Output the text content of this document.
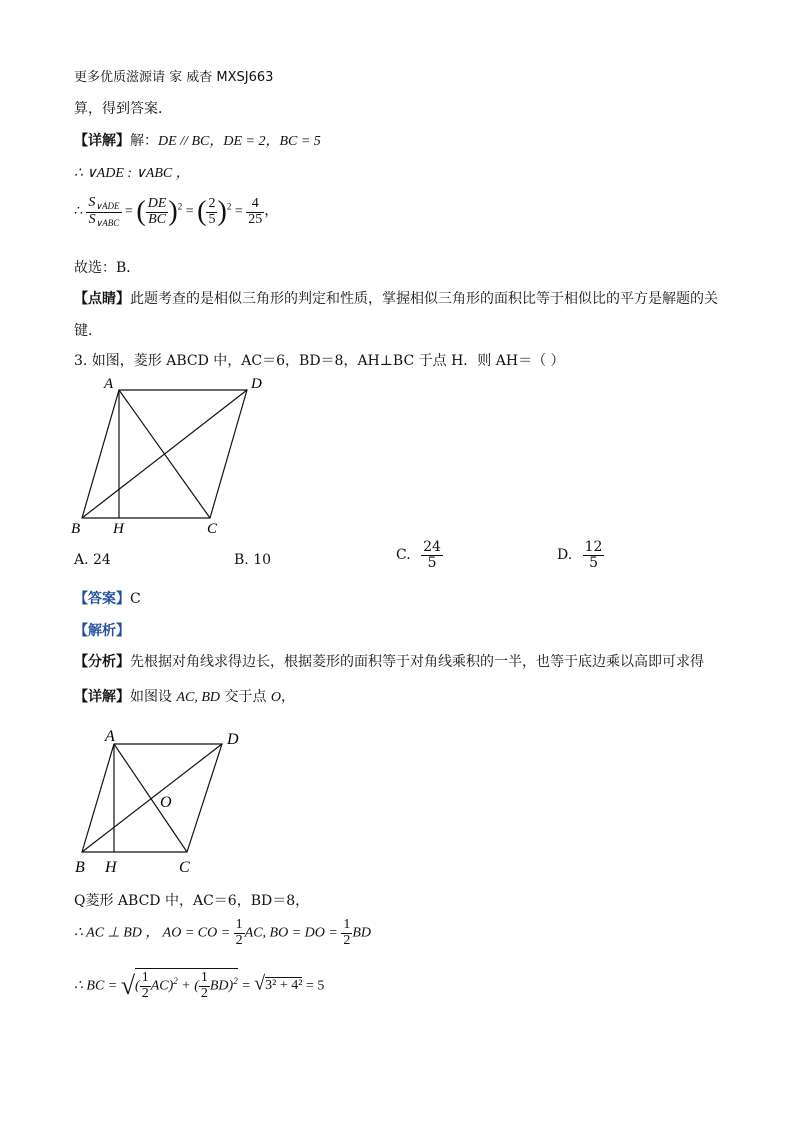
更多优质滋源请 家 威杳 MXSJ663
算，得到答案．
【详解】解：DE // BC，DE = 2，BC = 5
∴ ∨ADE : ∨ABC ，
∴ $\frac{S_{\vee ADE}}{S_{\vee ABC}}$ = ( $\frac{DE}{BC} )^2$ = ( $\frac{2}{5} )^2 = \frac{4}{25}$ ，
故选：B．
【点睛】此题考查的是相似三角形的判定和性质，掌握相似三角形的面积比等于相似比的平方是解题的关
键．
3. 如图，菱形 ABCD 中，AC＝6，BD＝8，AH⊥BC 于点 H．则 AH＝（ ）
A	D
B H	C
A. 24	B. 10	C. $\frac{24}{5}$	D. $\frac{12}{5}$
【答案】C
【解析】
【分析】先根据对角线求得边长，根据菱形的面积等于对角线乘积的一半，也等于底边乘以高即可求得
【详解】如图设 AC, BD 交于点 O，
A	D
B H	C
O
Q菱形 ABCD 中，AC＝6，BD＝8，
∴ AC ⊥ BD ， AO = CO = $\frac{1}{2}$ AC, BO = DO = $\frac{1}{2}$ BD
∴ BC = √( $\frac{1}{2} AC)^2$ + ( $\frac{1}{2} BD)^2 = √3^2 + 4^2 = 5$
